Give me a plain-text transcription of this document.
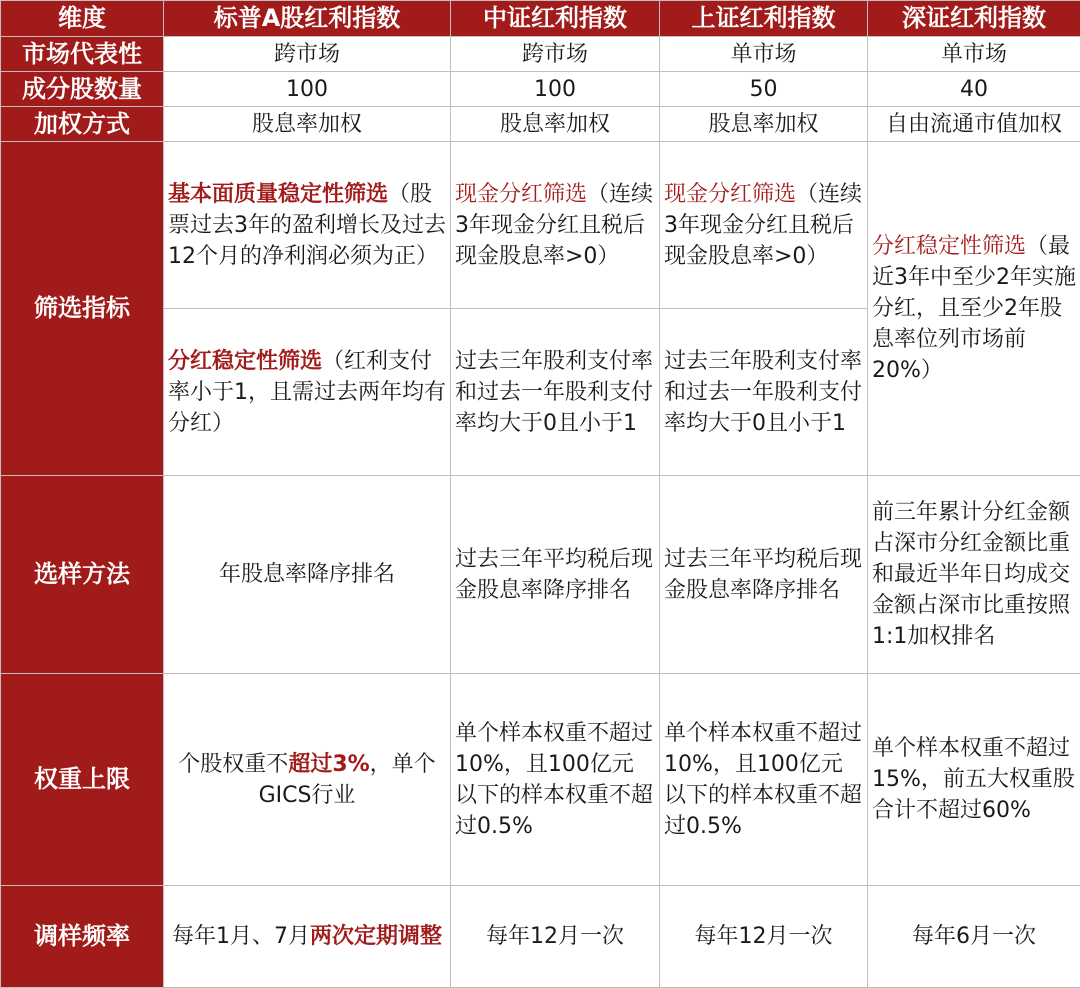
维度	标普A股红利指数	中证红利指数	上证红利指数	深证红利指数
市场代表性	跨市场	跨市场	单市场	单市场
成分股数量	100	100	50	40
加权方式	股息率加权	股息率加权	股息率加权	自由流通市值加权
筛选指标	基本面质量稳定性筛选（股票过去3年的盈利增长及过去12个月的净利润必须为正）	现金分红筛选（连续3年现金分红且税后现金股息率>0）	现金分红筛选（连续3年现金分红且税后现金股息率>0）	分红稳定性筛选（最近3年中至少2年实施分红，且至少2年股息率位列市场前20%）
	分红稳定性筛选（红利支付率小于1，且需过去两年均有分红）	过去三年股利支付率和过去一年股利支付率均大于0且小于1	过去三年股利支付率和过去一年股利支付率均大于0且小于1	
选样方法	年股息率降序排名	过去三年平均税后现金股息率降序排名	过去三年平均税后现金股息率降序排名	前三年累计分红金额占深市分红金额比重和最近半年日均成交金额占深市比重按照1:1加权排名
权重上限	个股权重不超过3%，单个GICS行业	单个样本权重不超过10%，且100亿元以下的样本权重不超过0.5%	单个样本权重不超过10%，且100亿元以下的样本权重不超过0.5%	单个样本权重不超过15%，前五大权重股合计不超过60%
调样频率	每年1月、7月两次定期调整	每年12月一次	每年12月一次	每年6月一次
